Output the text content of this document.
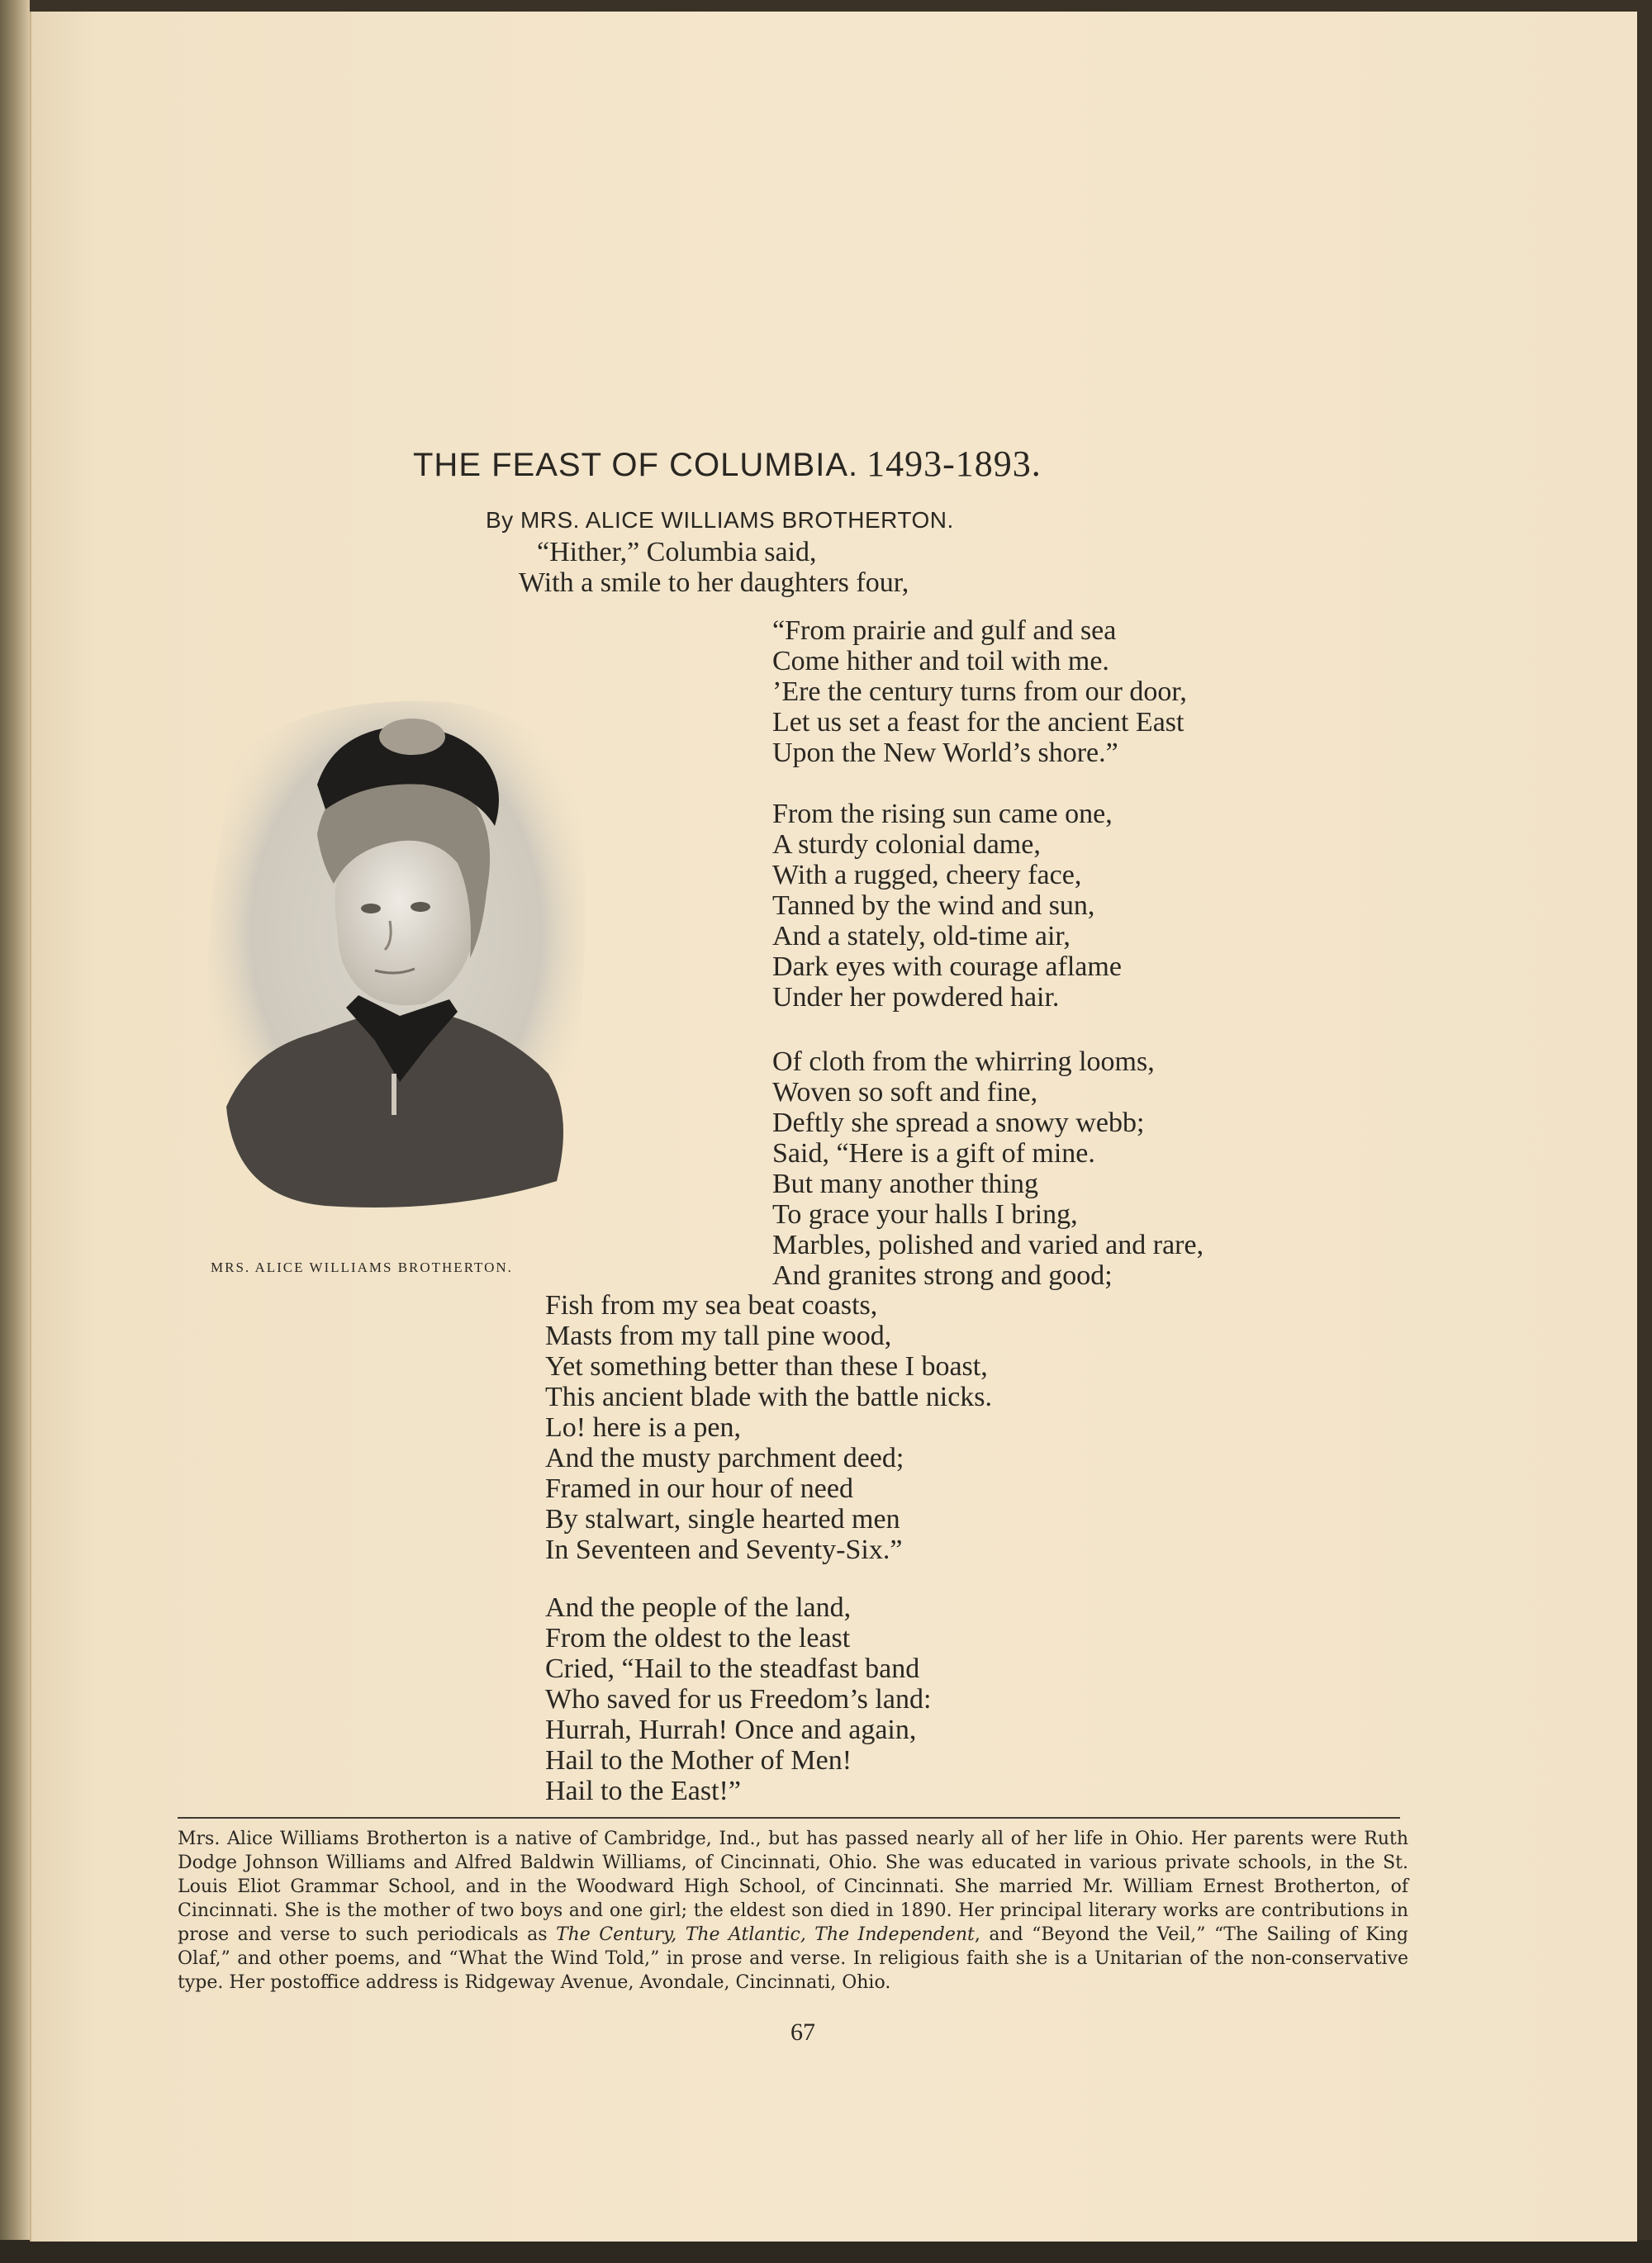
THE FEAST OF COLUMBIA. 1493-1893.
By MRS. ALICE WILLIAMS BROTHERTON.
“Hither,” Columbia said,
With a smile to her daughters four,
“From prairie and gulf and sea
Come hither and toil with me.
’Ere the century turns from our door,
Let us set a feast for the ancient East
Upon the New World’s shore.”
From the rising sun came one,
A sturdy colonial dame,
With a rugged, cheery face,
Tanned by the wind and sun,
And a stately, old-time air,
Dark eyes with courage aflame
Under her powdered hair.
Of cloth from the whirring looms,
Woven so soft and fine,
Deftly she spread a snowy webb;
Said, “Here is a gift of mine.
But many another thing
To grace your halls I bring,
Marbles, polished and varied and rare,
And granites strong and good;
Fish from my sea beat coasts,
Masts from my tall pine wood,
Yet something better than these I boast,
This ancient blade with the battle nicks.
Lo! here is a pen,
And the musty parchment deed;
Framed in our hour of need
By stalwart, single hearted men
In Seventeen and Seventy-Six.”
And the people of the land,
From the oldest to the least
Cried, “Hail to the steadfast band
Who saved for us Freedom’s land:
Hurrah, Hurrah! Once and again,
Hail to the Mother of Men!
Hail to the East!”
MRS. ALICE WILLIAMS BROTHERTON.

Mrs. Alice Williams Brotherton is a native of Cambridge, Ind., but has passed nearly all of her life in Ohio. Her parents were Ruth Dodge Johnson Williams and Alfred Baldwin Williams, of Cincinnati, Ohio. She was educated in various private schools, in the St. Louis Eliot Grammar School, and in the Woodward High School, of Cincinnati. She married Mr. William Ernest Brotherton, of Cincinnati. She is the mother of two boys and one girl; the eldest son died in 1890. Her principal literary works are contributions in prose and verse to such periodicals as The Century, The Atlantic, The Independent, and “Beyond the Veil,” “The Sailing of King Olaf,” and other poems, and “What the Wind Told,” in prose and verse. In religious faith she is a Unitarian of the non-conservative type. Her postoffice address is Ridgeway Avenue, Avondale, Cincinnati, Ohio.

67
